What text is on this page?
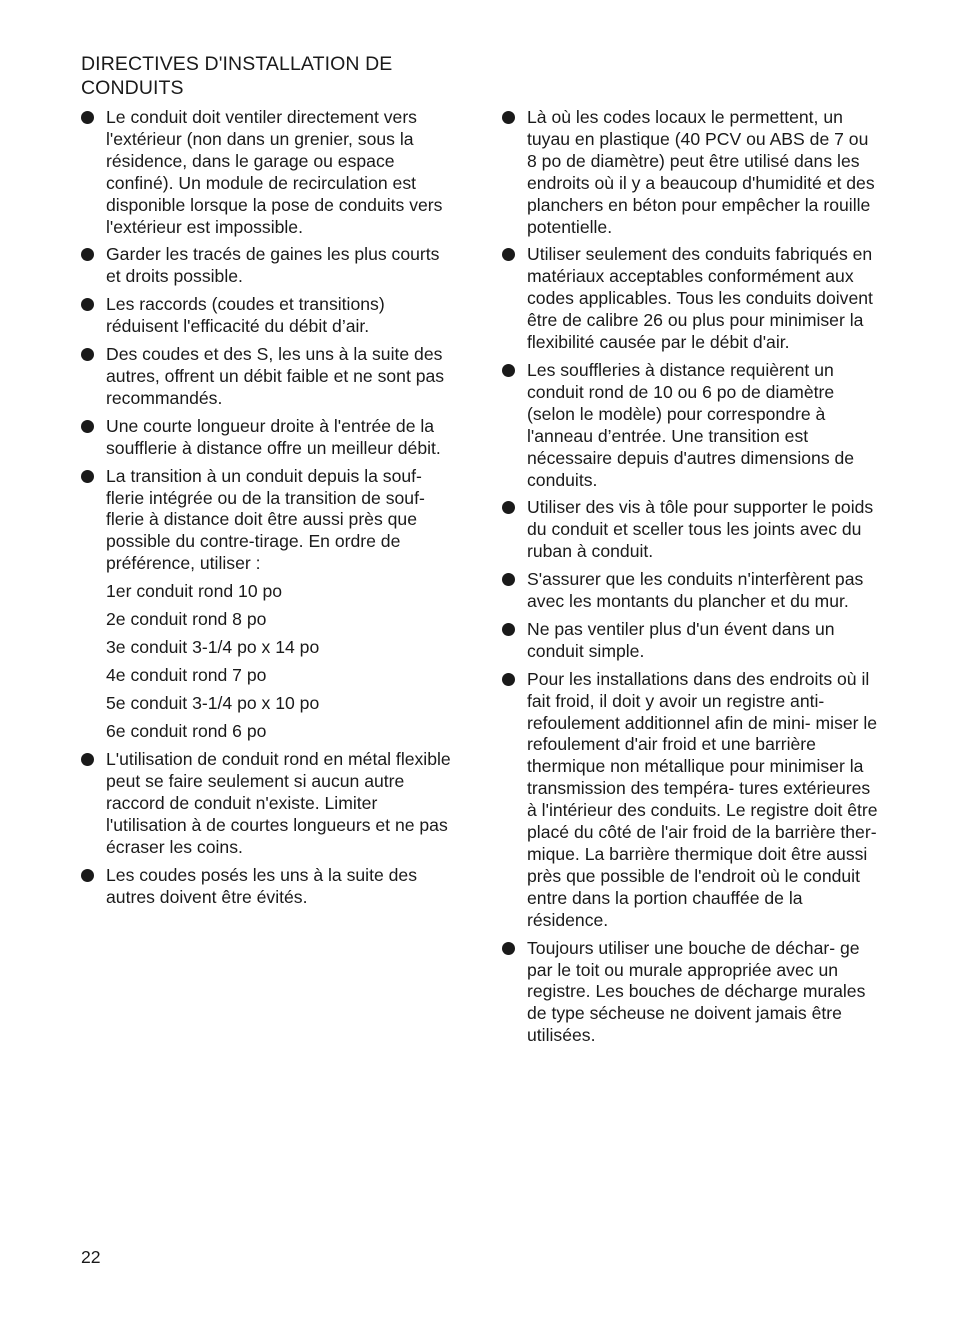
DIRECTIVES D'INSTALLATION DE CONDUITS
Le conduit doit ventiler directement vers l'extérieur (non dans un grenier, sous la résidence, dans le garage ou espace confiné). Un module de recirculation est disponible lorsque la pose de conduits vers l'extérieur est impossible.
Garder les tracés de gaines les plus courts et droits possible.
Les raccords (coudes et transitions) réduisent l'efficacité du débit d’air.
Des coudes et des S, les uns à la suite des autres, offrent un débit faible et ne sont pas recommandés.
Une courte longueur droite à l'entrée de la soufflerie à distance offre un meilleur débit.
La transition à un conduit depuis la souf- flerie intégrée ou de la transition de souf- flerie à distance doit être aussi près que possible du contre-tirage. En ordre de préférence, utiliser :
1er conduit rond 10 po
2e conduit rond 8 po
3e conduit 3-1/4 po x 14 po
4e conduit rond 7 po
5e conduit 3-1/4 po x 10 po
6e conduit rond 6 po
L'utilisation de conduit rond en métal flexible peut se faire seulement si aucun autre raccord de conduit n'existe. Limiter l'utilisation à de courtes longueurs et ne pas écraser les coins.
Les coudes posés les uns à la suite des autres doivent être évités.
Là où les codes locaux le permettent, un tuyau en plastique (40 PCV ou ABS de 7 ou 8 po de diamètre) peut être utilisé dans les endroits où il y a beaucoup d'humidité et des planchers en béton pour empêcher la rouille potentielle.
Utiliser seulement des conduits fabriqués en matériaux acceptables conformément aux codes applicables. Tous les conduits doivent être de calibre 26 ou plus pour minimiser la flexibilité causée par le débit d'air.
Les souffleries à distance requièrent un conduit rond de 10 ou 6 po de diamètre (selon le modèle) pour correspondre à l'anneau d’entrée. Une transition est nécessaire depuis d'autres dimensions de conduits.
Utiliser des vis à tôle pour supporter le poids du conduit et sceller tous les joints avec du ruban à conduit.
S'assurer que les conduits n'interfèrent pas avec les montants du plancher et du mur.
Ne pas ventiler plus d'un évent dans un conduit simple.
Pour les installations dans des endroits où il fait froid, il doit y avoir un registre anti-refoulement additionnel afin de mini- miser le refoulement d'air froid et une barrière thermique non métallique pour minimiser la transmission des tempéra- tures extérieures à l'intérieur des conduits. Le registre doit être placé du côté de l'air froid de la barrière ther- mique. La barrière thermique doit être aussi près que possible de l'endroit où le conduit entre dans la portion chauffée de la résidence.
Toujours utiliser une bouche de déchar- ge par le toit ou murale appropriée avec un registre. Les bouches de décharge murales de type sécheuse ne doivent jamais être utilisées.
22
